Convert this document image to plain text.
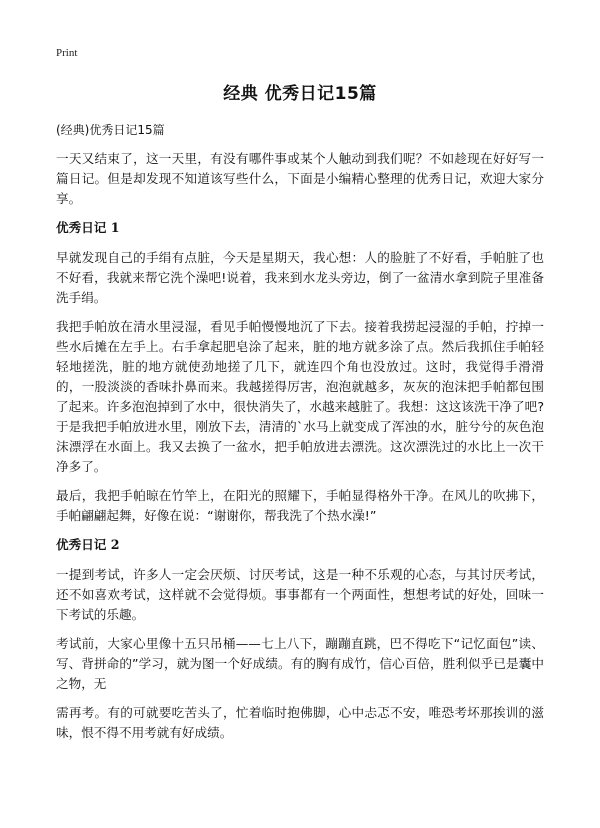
Print
经典 优秀日记15篇
(经典)优秀日记15篇

一天又结束了，这一天里，有没有哪件事或某个人触动到我们呢？不如趁现在好好写一篇日记。但是却发现不知道该写些什么，下面是小编精心整理的优秀日记，欢迎大家分享。

优秀日记 1

早就发现自己的手绢有点脏，今天是星期天，我心想：人的脸脏了不好看，手帕脏了也不好看，我就来帮它洗个澡吧!说着，我来到水龙头旁边，倒了一盆清水拿到院子里准备洗手绢。

我把手帕放在清水里浸湿，看见手帕慢慢地沉了下去。接着我捞起浸湿的手帕，拧掉一些水后摊在左手上。右手拿起肥皂涂了起来，脏的地方就多涂了点。然后我抓住手帕轻轻地搓洗，脏的地方就使劲地搓了几下，就连四个角也没放过。这时，我觉得手滑滑的，一股淡淡的香味扑鼻而来。我越搓得厉害，泡泡就越多，灰灰的泡沫把手帕都包围了起来。许多泡泡掉到了水中，很快消失了，水越来越脏了。我想：这这该洗干净了吧?于是我把手帕放进水里，刚放下去，清清的`水马上就变成了浑浊的水，脏兮兮的灰色泡沫漂浮在水面上。我又去换了一盆水，把手帕放进去漂洗。这次漂洗过的水比上一次干净多了。

最后，我把手帕晾在竹竿上，在阳光的照耀下，手帕显得格外干净。在风儿的吹拂下，手帕翩翩起舞，好像在说：“谢谢你，帮我洗了个热水澡!”

优秀日记 2

一提到考试，许多人一定会厌烦、讨厌考试，这是一种不乐观的心态，与其讨厌考试，还不如喜欢考试，这样就不会觉得烦。事事都有一个两面性，想想考试的好处，回味一下考试的乐趣。

考试前，大家心里像十五只吊桶——七上八下，蹦蹦直跳，巴不得吃下“记忆面包”读、写、背拼命的”学习，就为图一个好成绩。有的胸有成竹，信心百倍，胜利似乎已是囊中之物，无

需再考。有的可就要吃苦头了，忙着临时抱佛脚，心中忐忑不安，唯恐考坏那挨训的滋味，恨不得不用考就有好成绩。
